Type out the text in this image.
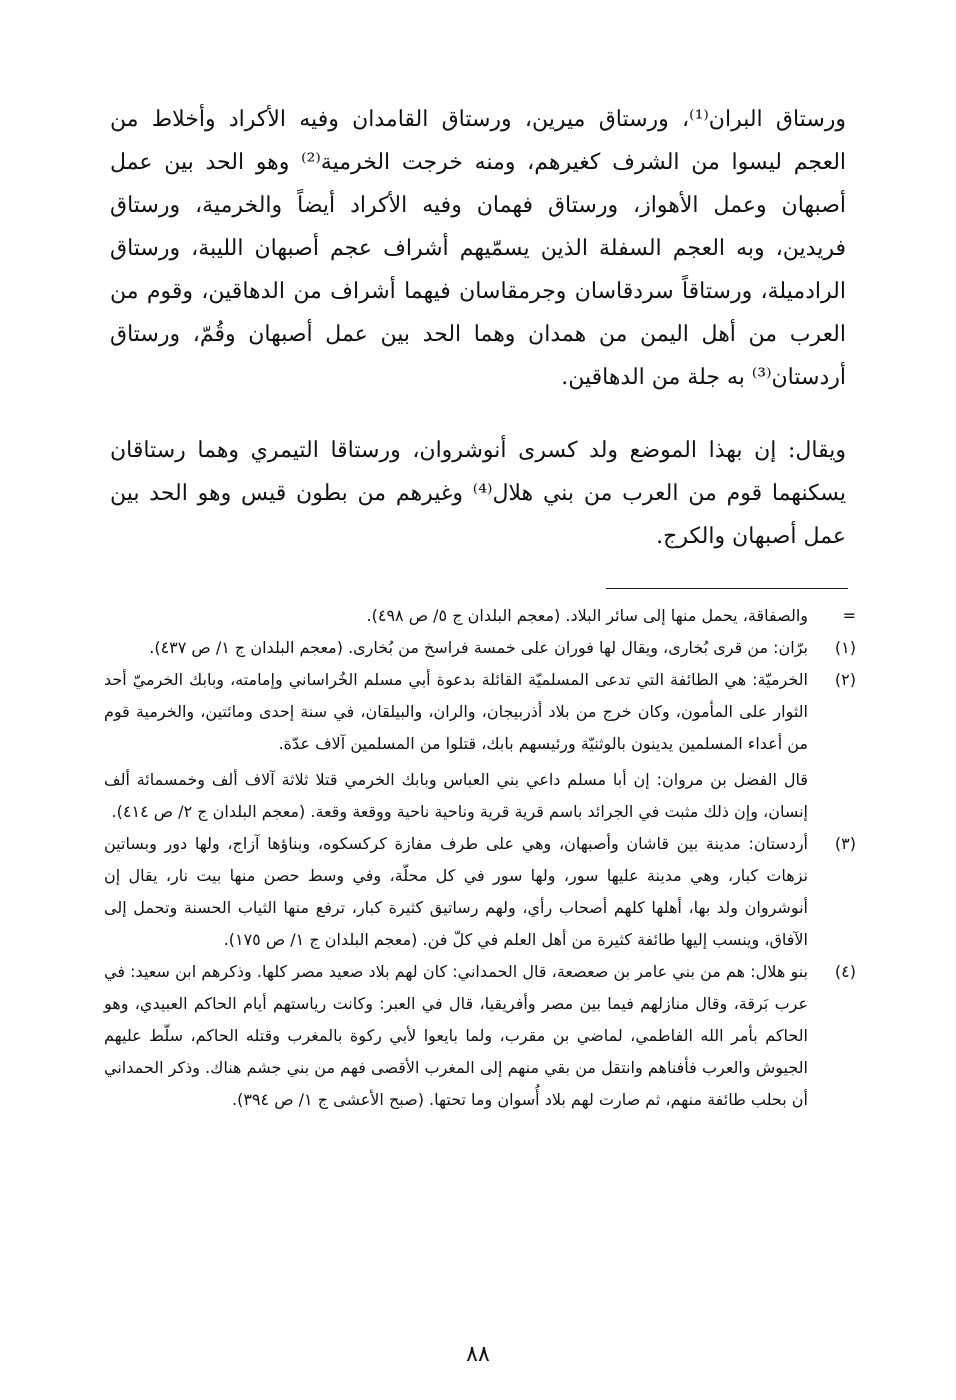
ورستاق البران⁽¹⁾، ورستاق ميرين، ورستاق القامدان وفيه الأكراد وأخلاط من العجم ليسوا من الشرف كغيرهم، ومنه خرجت الخرمية⁽²⁾ وهو الحد بين عمل أصبهان وعمل الأهواز، ورستاق فهمان وفيه الأكراد أيضاً والخرمية، ورستاق فريدين، وبه العجم السفلة الذين يسمّيهم أشراف عجم أصبهان الليبة، ورستاق الرادميلة، ورستاقاً سردقاسان وجرمقاسان فيهما أشراف من الدهاقين، وقوم من العرب من أهل اليمن من همدان وهما الحد بين عمل أصبهان وقُمّ، ورستاق أردستان⁽³⁾ به جلة من الدهاقين.

ويقال: إن بهذا الموضع ولد كسرى أنوشروان، ورستاقا التيمري وهما رستاقان يسكنهما قوم من العرب من بني هلال⁽⁴⁾ وغيرهم من بطون قيس وهو الحد بين عمل أصبهان والكرج.

=

والصفاقة، يحمل منها إلى سائر البلاد. (معجم البلدان ج ٥/ ص ٤٩٨).

(١)

برّان: من قرى بُخارى، ويقال لها فوران على خمسة فراسخ من بُخارى. (معجم البلدان ج ١/ ص ٤٣٧).

(٢)

الخرميّة: هي الطائفة التي تدعى المسلميّة القائلة بدعوة أبي مسلم الخُراساني وإمامته، وبابك الخرميّ أحد الثوار على المأمون، وكان خرج من بلاد أذربيجان، والران، والبيلقان، في سنة إحدى ومائتين، والخرمية قوم من أعداء المسلمين يدينون بالوثنيّة ورئيسهم بابك، قتلوا من المسلمين آلاف عدّة.

قال الفضل بن مروان: إن أبا مسلم داعي بني العباس وبابك الخرمي قتلا ثلاثة آلاف ألف وخمسمائة ألف إنسان، وإن ذلك مثبت في الجرائد باسم قرية قرية وناحية ناحية ووقعة وقعة. (معجم البلدان ج ٢/ ص ٤١٤).

(٣)

أردستان: مدينة بين قاشان وأصبهان، وهي على طرف مفازة كركسكوه، وبناؤها آزاج، ولها دور وبساتين نزهات كبار، وهي مدينة عليها سور، ولها سور في كل محلّة، وفي وسط حصن منها بيت نار، يقال إن أنوشروان ولد بها، أهلها كلهم أصحاب رأي، ولهم رساتيق كثيرة كبار، ترفع منها الثياب الحسنة وتحمل إلى الآفاق، وينسب إليها طائفة كثيرة من أهل العلم في كلّ فن. (معجم البلدان ج ١/ ص ١٧٥).

(٤)

بنو هلال: هم من بني عامر بن صعصعة، قال الحمداني: كان لهم بلاد صعيد مصر كلها. وذكرهم ابن سعيد: في عرب بَرقة، وقال منازلهم فيما بين مصر وأفريقيا، قال في العبر: وكانت رياستهم أيام الحاكم العبيدي، وهو الحاكم بأمر الله الفاطمي، لماضي بن مقرب، ولما بايعوا لأبي ركوة بالمغرب وقتله الحاكم، سلّط عليهم الجيوش والعرب فأفناهم وانتقل من بقي منهم إلى المغرب الأقصى فهم من بني جشم هناك. وذكر الحمداني أن بحلب طائفة منهم، ثم صارت لهم بلاد أُسوان وما تحتها. (صبح الأعشى ج ١/ ص ٣٩٤).

٨٨
